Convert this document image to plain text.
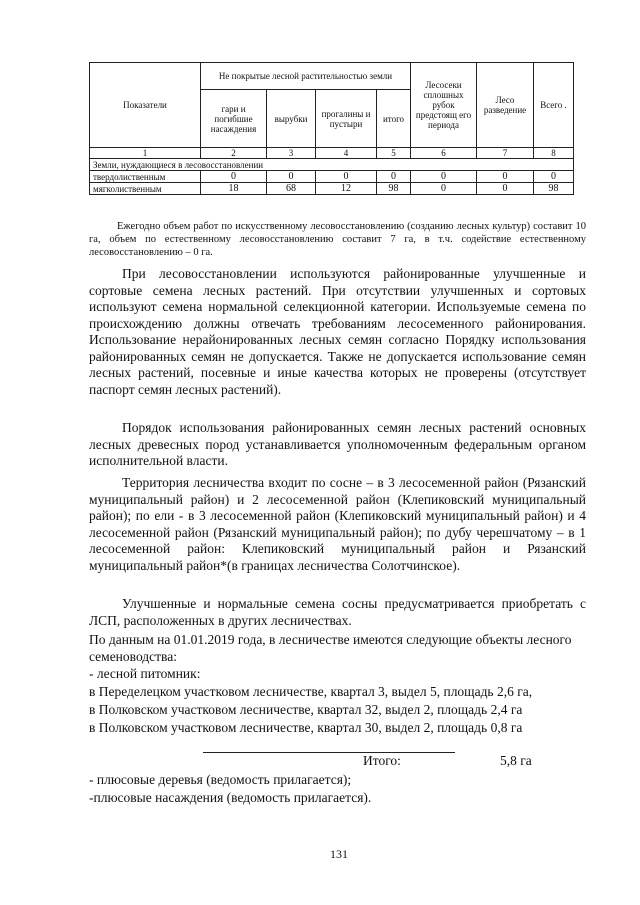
Показатели	Не покрытые лесной растительностью земли				Лесосеки сплошных рубок предстоящ его периода	Лесо разведение	Всего .
	гари и погибшие насаждения	вырубки	прогалины и пустыри	итого			
1	2	3	4	5	6	7	8
Земли, нуждающиеся в лесовосстановлении							
твердолиственным	0	0	0	0	0	0	0
мягколиственным	18	68	12	98	0	0	98
Ежегодно объем работ по искусственному лесовосстановлению (созданию лесных культур) составит 10 га, объем по естественному лесовосстановлению составит 7 га, в т.ч. содействие естественному лесовосстановлению – 0 га.
При лесовосстановлении используются районированные улучшенные и сортовые семена лесных растений. При отсутствии улучшенных и сортовых используют семена нормальной селекционной категории. Используемые семена по происхождению должны отвечать требованиям лесосеменного районирования. Использование нерайонированных лесных семян согласно Порядку использования районированных семян не допускается. Также не допускается использование семян лесных растений, посевные и иные качества которых не проверены (отсутствует паспорт семян лесных растений).
Порядок использования районированных семян лесных растений основных лесных древесных пород устанавливается уполномоченным федеральным органом исполнительной власти.
Территория лесничества входит по сосне – в 3 лесосеменной район (Рязанский муниципальный район) и 2 лесосеменной район (Клепиковский муниципальный район); по ели - в 3 лесосеменной район (Клепиковский муниципальный район) и 4 лесосеменной район (Рязанский муниципальный район); по дубу черешчатому – в 1 лесосеменной район: Клепиковский муниципальный район и Рязанский муниципальный район*(в границах лесничества Солотчинское).
Улучшенные и нормальные семена сосны предусматривается приобретать с ЛСП, расположенных в других лесничествах.
По данным на 01.01.2019 года, в лесничестве имеются следующие объекты лесного семеноводства:
- лесной питомник:
в Переделецком участковом лесничестве, квартал 3, выдел 5, площадь 2,6 га,
в Полковском участковом лесничестве, квартал 32, выдел 2, площадь 2,4 га
в Полковском участковом лесничестве, квартал 30, выдел 2, площадь 0,8 га
Итого:	5,8 га
- плюсовые деревья (ведомость прилагается);
-плюсовые насаждения (ведомость прилагается).
131
